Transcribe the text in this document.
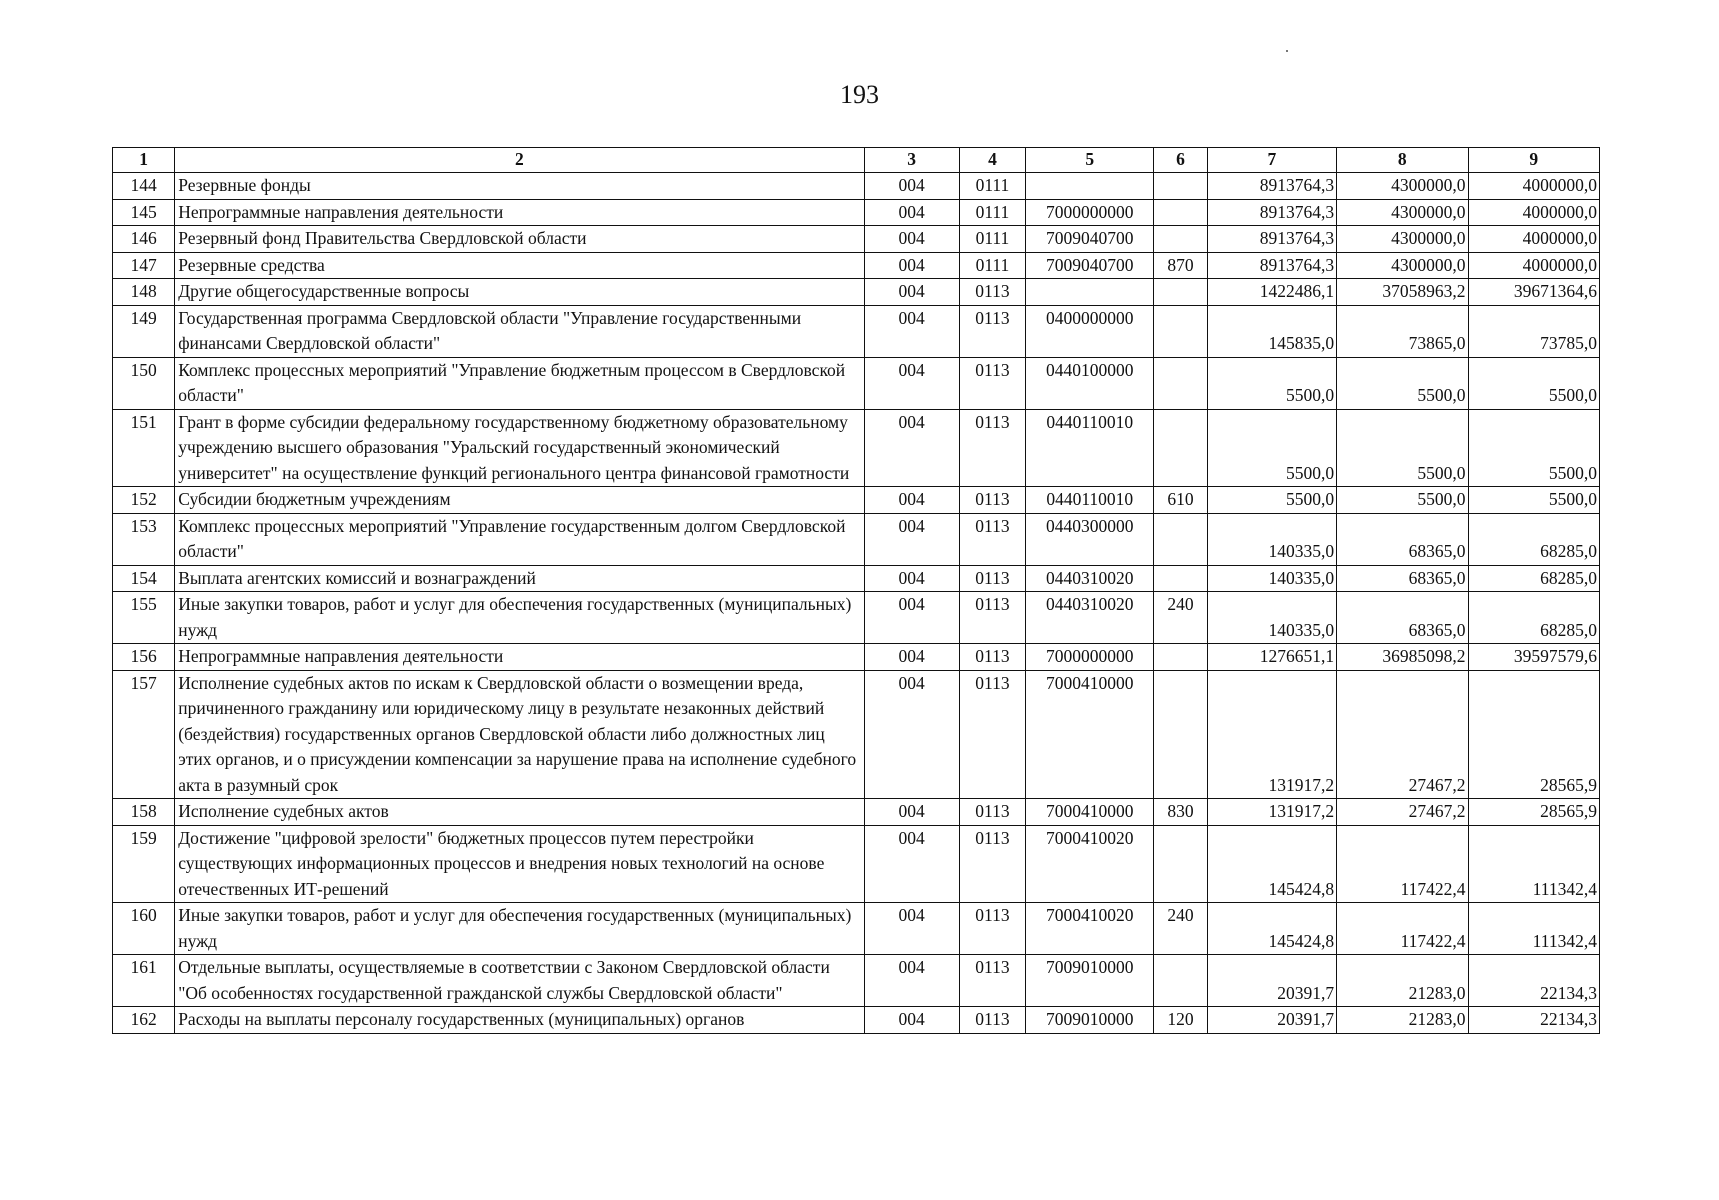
193
1	2	3	4	5	6	7	8	9
144	Резервные фонды	004	0111			8913764,3	4300000,0	4000000,0
145	Непрограммные направления деятельности	004	0111	7000000000		8913764,3	4300000,0	4000000,0
146	Резервный фонд Правительства Свердловской области	004	0111	7009040700		8913764,3	4300000,0	4000000,0
147	Резервные средства	004	0111	7009040700	870	8913764,3	4300000,0	4000000,0
148	Другие общегосударственные вопросы	004	0113			1422486,1	37058963,2	39671364,6
149	Государственная программа Свердловской области "Управление государственными финансами Свердловской области"	004	0113	0400000000		145835,0	73865,0	73785,0
150	Комплекс процессных мероприятий "Управление бюджетным процессом в Свердловской области"	004	0113	0440100000		5500,0	5500,0	5500,0
151	Грант в форме субсидии федеральному государственному бюджетному образовательному учреждению высшего образования "Уральский государственный экономический университет" на осуществление функций регионального центра финансовой грамотности	004	0113	0440110010		5500,0	5500,0	5500,0
152	Субсидии бюджетным учреждениям	004	0113	0440110010	610	5500,0	5500,0	5500,0
153	Комплекс процессных мероприятий "Управление государственным долгом Свердловской области"	004	0113	0440300000		140335,0	68365,0	68285,0
154	Выплата агентских комиссий и вознаграждений	004	0113	0440310020		140335,0	68365,0	68285,0
155	Иные закупки товаров, работ и услуг для обеспечения государственных (муниципальных) нужд	004	0113	0440310020	240	140335,0	68365,0	68285,0
156	Непрограммные направления деятельности	004	0113	7000000000		1276651,1	36985098,2	39597579,6
157	Исполнение судебных актов по искам к Свердловской области о возмещении вреда, причиненного гражданину или юридическому лицу в результате незаконных действий (бездействия) государственных органов Свердловской области либо должностных лиц этих органов, и о присуждении компенсации за нарушение права на исполнение судебного акта в разумный срок	004	0113	7000410000		131917,2	27467,2	28565,9
158	Исполнение судебных актов	004	0113	7000410000	830	131917,2	27467,2	28565,9
159	Достижение "цифровой зрелости" бюджетных процессов путем перестройки существующих информационных процессов и внедрения новых технологий на основе отечественных ИТ-решений	004	0113	7000410020		145424,8	117422,4	111342,4
160	Иные закупки товаров, работ и услуг для обеспечения государственных (муниципальных) нужд	004	0113	7000410020	240	145424,8	117422,4	111342,4
161	Отдельные выплаты, осуществляемые в соответствии с Законом Свердловской области "Об особенностях государственной гражданской службы Свердловской области"	004	0113	7009010000		20391,7	21283,0	22134,3
162	Расходы на выплаты персоналу государственных (муниципальных) органов	004	0113	7009010000	120	20391,7	21283,0	22134,3
